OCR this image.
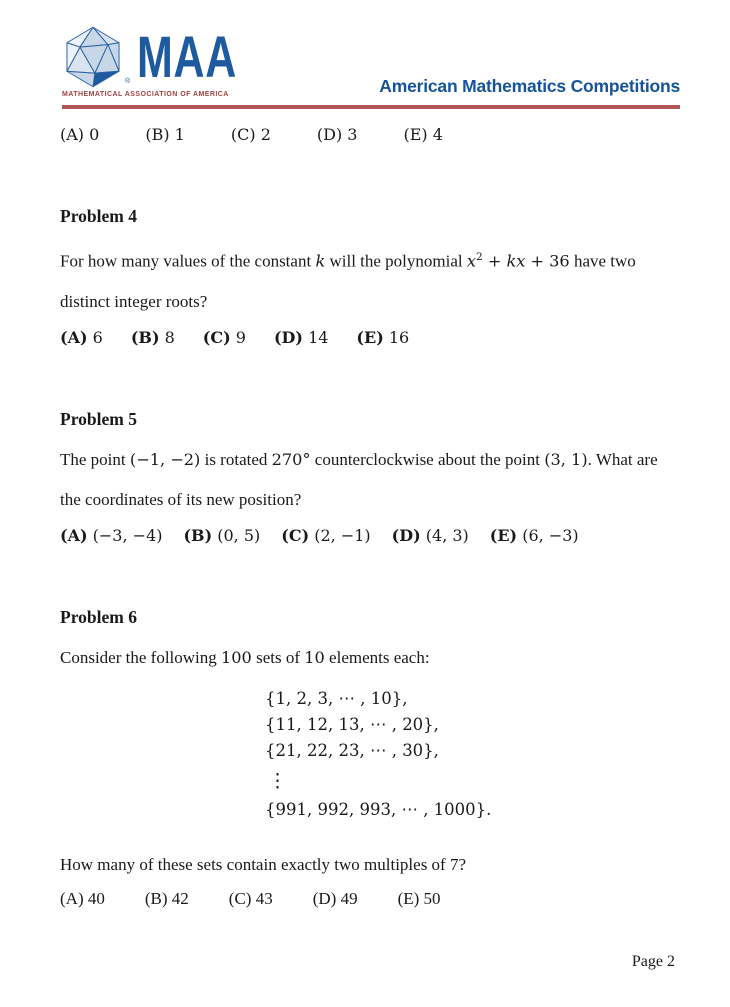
® MAA
MATHEMATICAL ASSOCIATION OF AMERICA	American Mathematics Competitions
(A) 0	(B) 1	(C) 2	(D) 3	(E) 4
Problem 4
For how many values of the constant k will the polynomial $x^2$ + kx + 36 have two
distinct integer roots?
(A) 6 (B) 8 (C) 9 (D) 14 (E) 16
Problem 5
The point (−1, −2) is rotated 270° counterclockwise about the point (3, 1). What are
the coordinates of its new position?
(A) (−3, −4) (B) (0, 5) (C) (2, −1) (D) (4, 3) (E) (6, −3)
Problem 6
Consider the following 100 sets of 10 elements each:
{1, 2, 3, ⋯ , 10},
{11, 12, 13, ⋯ , 20},
{21, 22, 23, ⋯ , 30},
⋮
{991, 992, 993, ⋯ , 1000}.
How many of these sets contain exactly two multiples of 7?
(A) 40 (B) 42 (C) 43 (D) 49 (E) 50
Page 2
